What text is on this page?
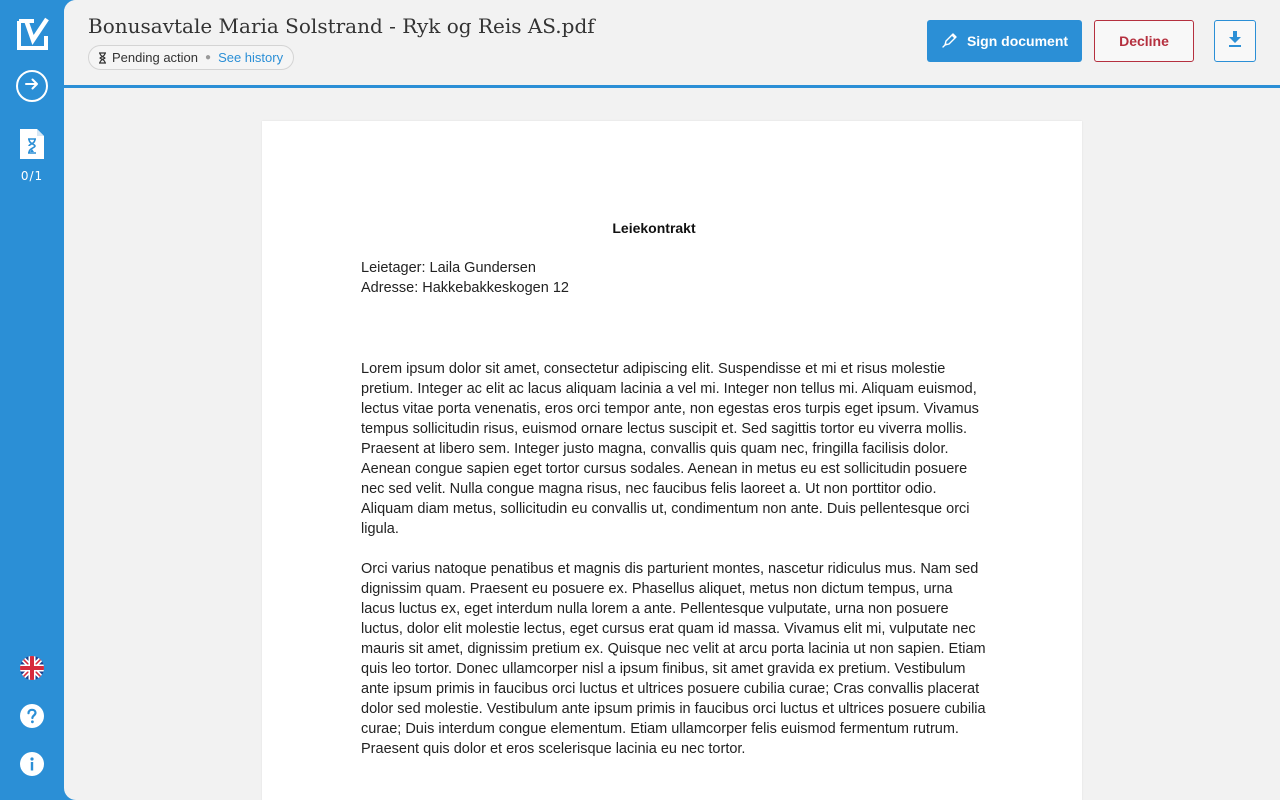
0/1
Bonusavtale Maria Solstrand - Ryk og Reis AS.pdf
Pending action ● See history
Sign document	Decline
Leiekontrakt
Leietager: Laila Gundersen
Adresse: Hakkebakkeskogen 12
Lorem ipsum dolor sit amet, consectetur adipiscing elit. Suspendisse et mi et risus molestie pretium. Integer ac elit ac lacus aliquam lacinia a vel mi. Integer non tellus mi. Aliquam euismod, lectus vitae porta venenatis, eros orci tempor ante, non egestas eros turpis eget ipsum. Vivamus tempus sollicitudin risus, euismod ornare lectus suscipit et. Sed sagittis tortor eu viverra mollis. Praesent at libero sem. Integer justo magna, convallis quis quam nec, fringilla facilisis dolor. Aenean congue sapien eget tortor cursus sodales. Aenean in metus eu est sollicitudin posuere nec sed velit. Nulla congue magna risus, nec faucibus felis laoreet a. Ut non porttitor odio. Aliquam diam metus, sollicitudin eu convallis ut, condimentum non ante. Duis pellentesque orci ligula.
Orci varius natoque penatibus et magnis dis parturient montes, nascetur ridiculus mus. Nam sed dignissim quam. Praesent eu posuere ex. Phasellus aliquet, metus non dictum tempus, urna lacus luctus ex, eget interdum nulla lorem a ante. Pellentesque vulputate, urna non posuere luctus, dolor elit molestie lectus, eget cursus erat quam id massa. Vivamus elit mi, vulputate nec mauris sit amet, dignissim pretium ex. Quisque nec velit at arcu porta lacinia ut non sapien. Etiam quis leo tortor. Donec ullamcorper nisl a ipsum finibus, sit amet gravida ex pretium. Vestibulum ante ipsum primis in faucibus orci luctus et ultrices posuere cubilia curae; Cras convallis placerat dolor sed molestie. Vestibulum ante ipsum primis in faucibus orci luctus et ultrices posuere cubilia curae; Duis interdum congue elementum. Etiam ullamcorper felis euismod fermentum rutrum. Praesent quis dolor et eros scelerisque lacinia eu nec tortor.
